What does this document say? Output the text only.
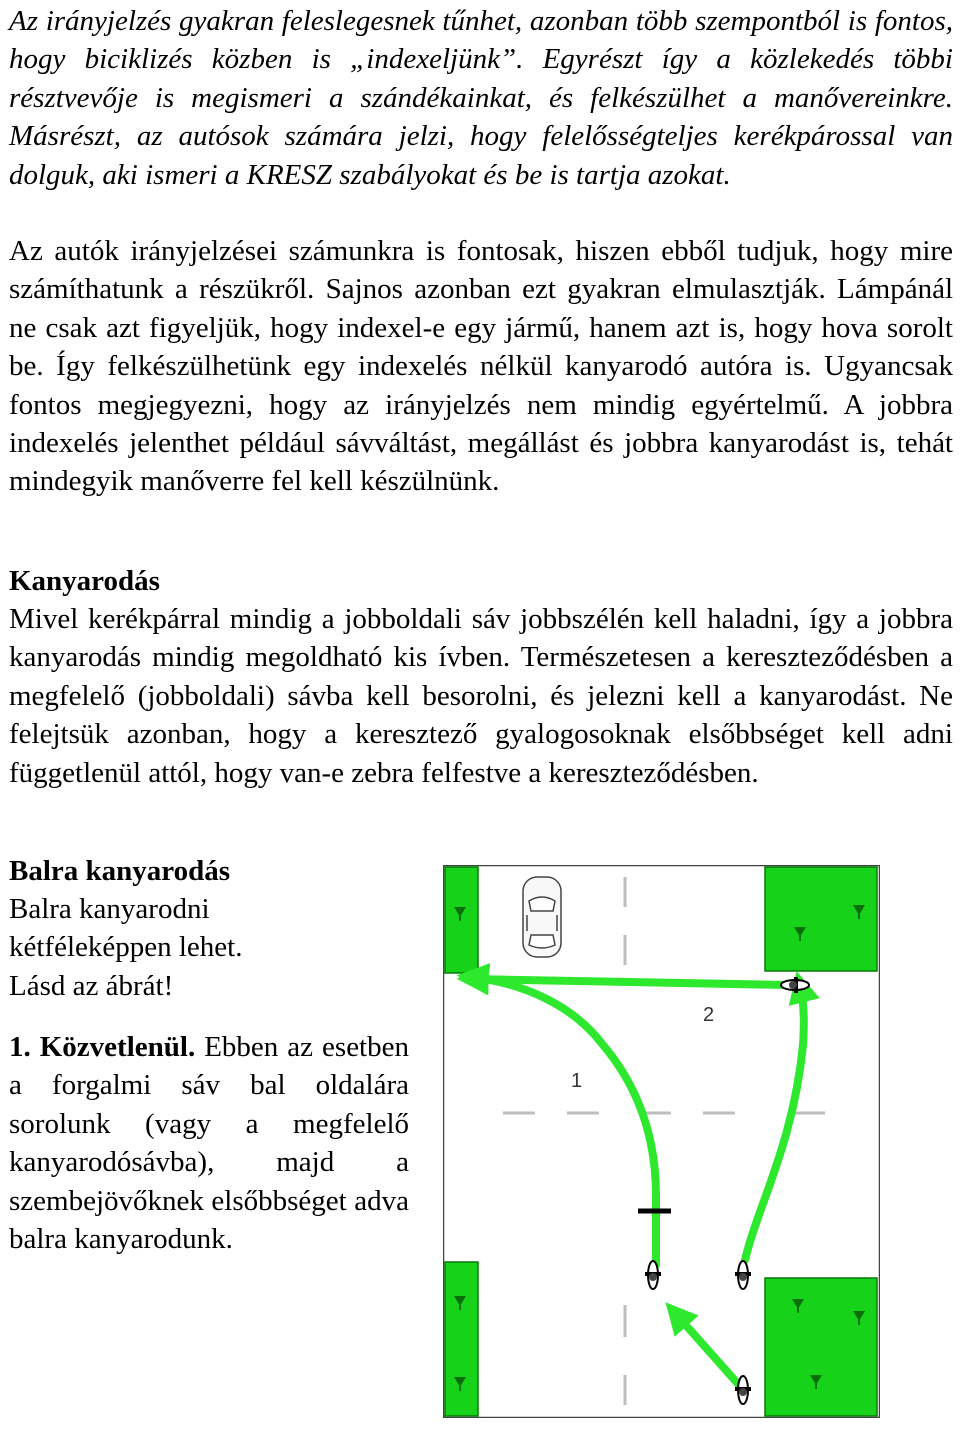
Az irányjelzés gyakran feleslegesnek tűnhet, azonban több szempontból is fontos, hogy biciklizés közben is „indexeljünk”. Egyrészt így a közlekedés többi résztvevője is megismeri a szándékainkat, és felkészülhet a manővereinkre. Másrészt, az autósok számára jelzi, hogy felelősségteljes kerékpárossal van dolguk, aki ismeri a KRESZ szabályokat és be is tartja azokat.

Az autók irányjelzései számunkra is fontosak, hiszen ebből tudjuk, hogy mire számíthatunk a részükről. Sajnos azonban ezt gyakran elmulasztják. Lámpánál ne csak azt figyeljük, hogy indexel-e egy jármű, hanem azt is, hogy hova sorolt be. Így felkészülhetünk egy indexelés nélkül kanyarodó autóra is. Ugyancsak fontos megjegyezni, hogy az irányjelzés nem mindig egyértelmű. A jobbra indexelés jelenthet például sávváltást, megállást és jobbra kanyarodást is, tehát mindegyik manőverre fel kell készülnünk.

Kanyarodás

Mivel kerékpárral mindig a jobboldali sáv jobbszélén kell haladni, így a jobbra kanyarodás mindig megoldható kis ívben. Természetesen a kereszteződésben a megfelelő (jobboldali) sávba kell besorolni, és jelezni kell a kanyarodást. Ne felejtsük azonban, hogy a keresztező gyalogosoknak elsőbbséget kell adni függetlenül attól, hogy van-e zebra felfestve a kereszteződésben.

Balra kanyarodás

Balra kanyarodni kétféleképpen lehet. Lásd az ábrát!

1. Közvetlenül. Ebben az esetben a forgalmi sáv bal oldalára sorolunk (vagy a megfelelő kanyarodósávba), majd a szembejövőknek elsőbbséget adva balra kanyarodunk.

1
2
